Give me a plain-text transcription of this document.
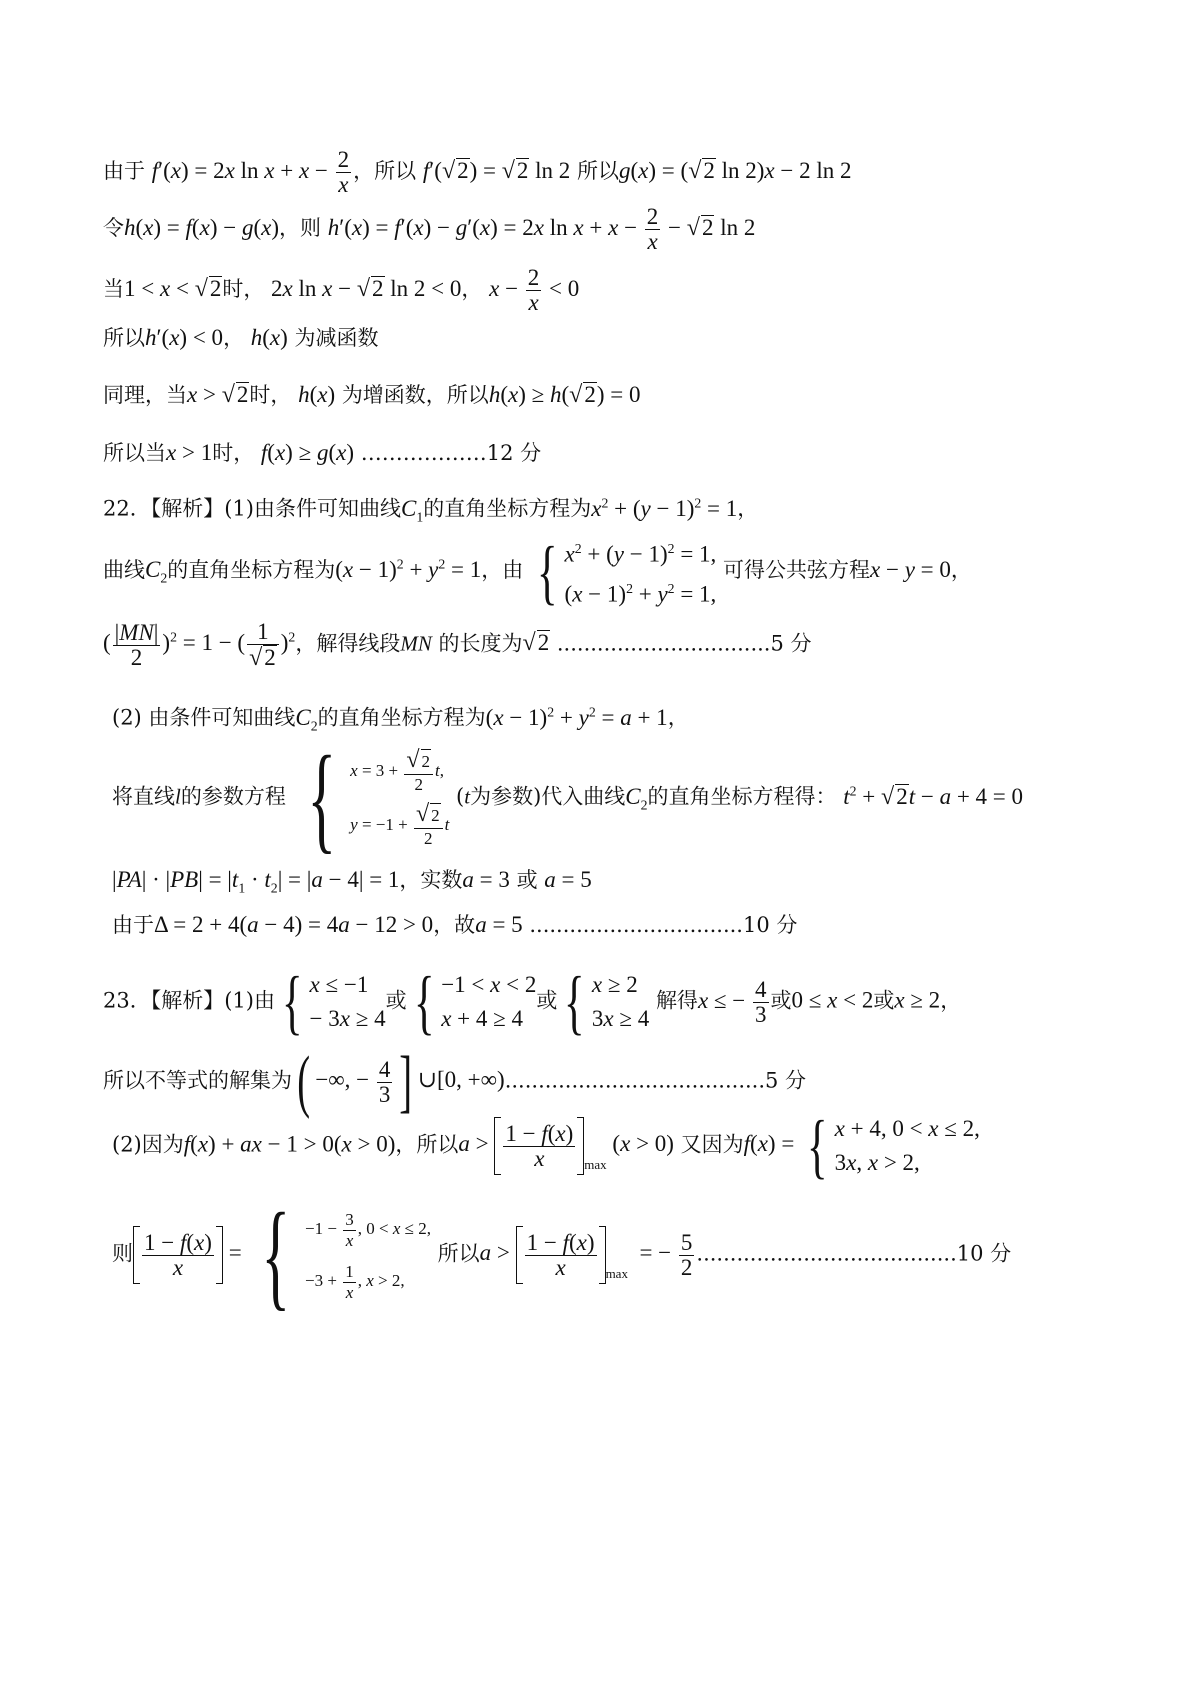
由于 f′(x) = 2x $\ln x + x - \frac{2}{x}$ ，所以 f′(√2) = √2 ln 2 所以g(x) = (√2 ln 2)x − 2 ln 2
令h(x) = f(x) − g(x)，则 h′(x) = f′(x) − g′(x) = 2x $\ln x + x - \frac{2}{x} - √2$ ln 2
当1 < x < √2时， 2x ln x − √2 ln 2 < 0， $x - \frac{2}{x} < 0$
所以h′(x) < 0， h(x) 为减函数
同理，当x > √2时， h(x) 为增函数，所以h(x) ≥ h(√2) = 0
所以当x > 1时， f(x) ≥ g(x) ………………12 分
22．【解析】(1)由条件可知曲线$C_1$的直角坐标方程为$x^2 + (y - 1)^2 = 1$，
曲线$C_2$的直角坐标方程为$(x - 1)^2 + y^2 = 1$，由 { $x^2 + (y - 1)^2 = 1$,
$(x - 1)^2 + y^2 = 1$,
可得公共弦方程x − y = 0，
( $\frac{|MN|}{2} )^2 = 1$ − ( $\frac{1}{√2} )^2$，解得线段MN 的长度为√2 ................................5 分
(2) 由条件可知曲线$C_2$的直角坐标方程为$(x - 1)^2 + y^2 = a + 1$，
将直线l的参数方程 { $x = 3 + \frac{√ 2}{2} t$,
$y = -1 + \frac{√ 2}{2}$ t
(t为参数)代入曲线$C_2$的直角坐标方程得： $t^2 + √2t - a + 4 = 0$
$|PA| \cdot |PB| = |t_1 \cdot t_2| = |a - 4| = 1$，实数a = 3 或 a = 5
由于Δ = 2 + 4(a − 4) = 4a − 12 > 0，故a = 5 ................................10 分
23．【解析】(1)由 { x ≤ −1
− 3x ≥ 4
或 { −1 < x < 2
x + 4 ≥ 4
或 { x ≥ 2
3x ≥ 4
解得x ≤ − $\frac{4}{3}$ 或0 ≤ x < 2或x ≥ 2，
所以不等式的解集为( −∞, − $\frac{4}{3}$ ] ∪[0, +∞).......................................5 分
(2)因为f(x) + ax − 1 > 0(x > 0)，所以$a > \frac{1 - f(x)}{x} _{max}$ (x > 0) 又因为f(x) = { x + 4, 0 < x ≤ 2,
3x, x > 2,
则 $\frac{1 - f(x)}{x}$ = { $-1 - \frac{3}{x}$ , 0 < x ≤ 2,
$-3 + \frac{1}{x}$ , x > 2,
所以$a > \frac{1 - f(x)}{x} _{max}$  = − $\frac{5}{2} .......................................10$ 分
